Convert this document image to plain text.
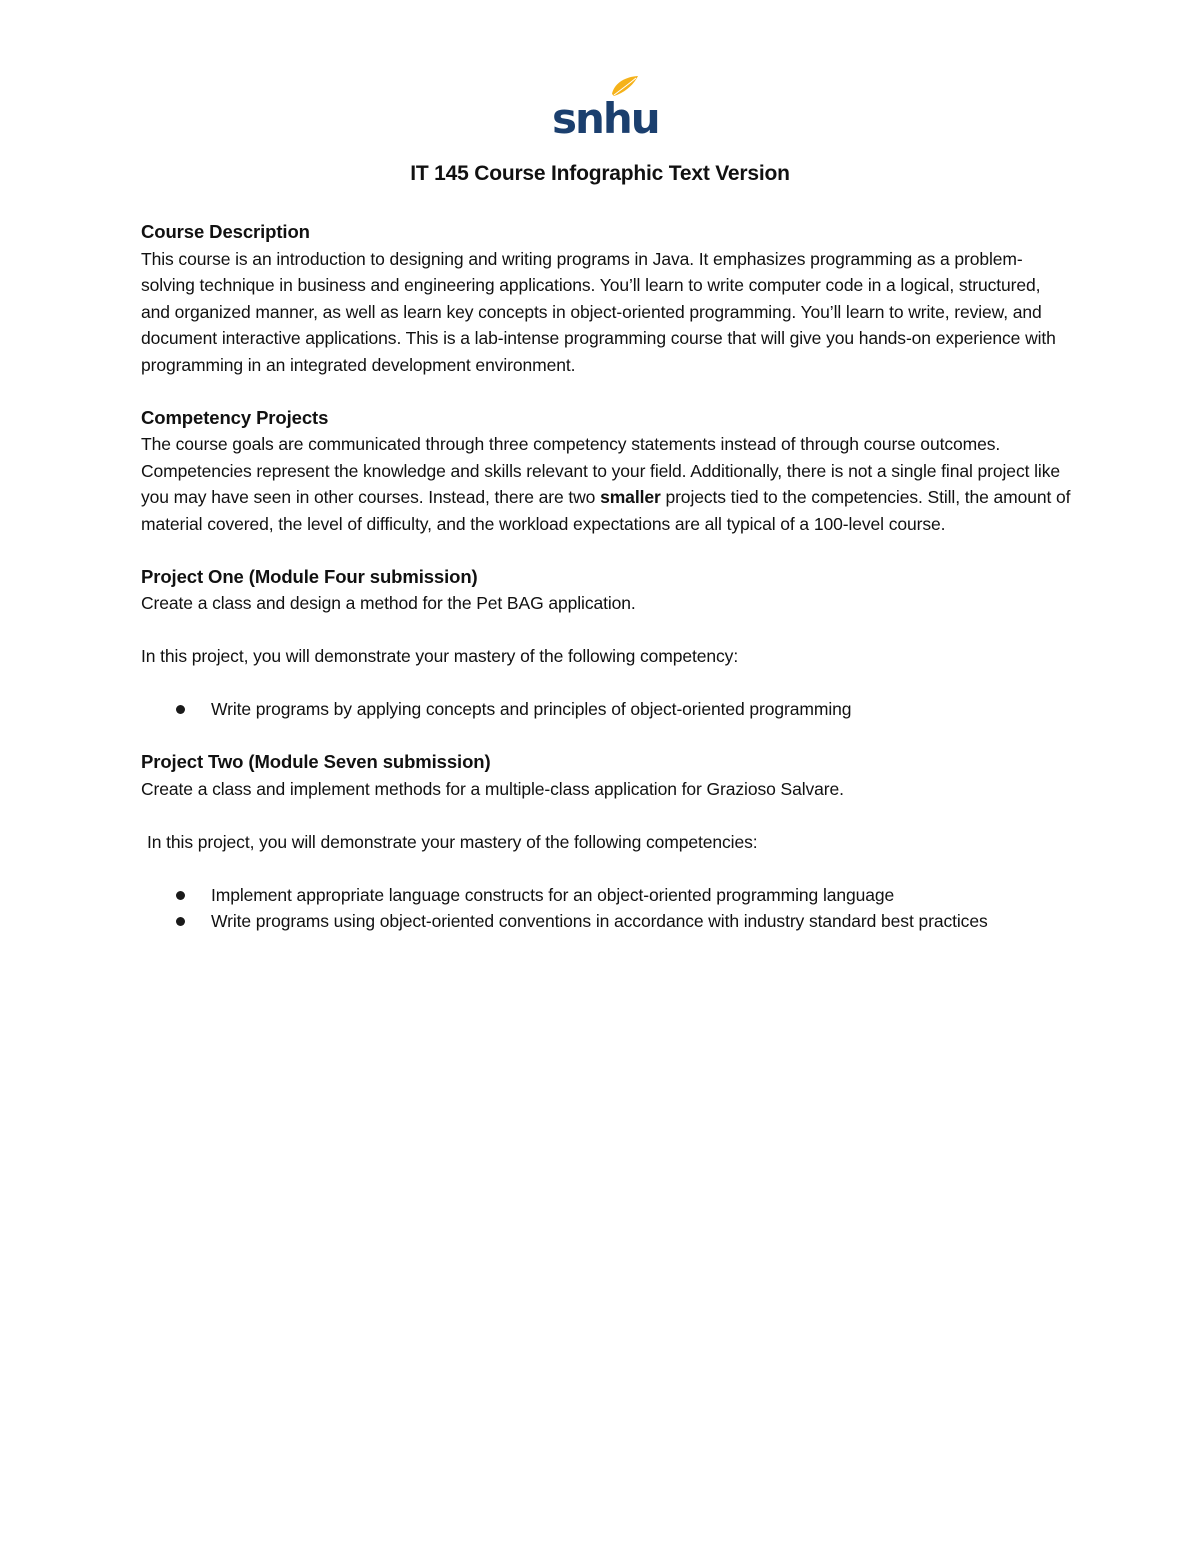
snhu
IT 145 Course Infographic Text Version
Course Description

This course is an introduction to designing and writing programs in Java. It emphasizes programming as a problem-solving technique in business and engineering applications. You’ll learn to write computer code in a logical, structured, and organized manner, as well as learn key concepts in object-oriented programming. You’ll learn to write, review, and document interactive applications. This is a lab-intense programming course that will give you hands-on experience with programming in an integrated development environment.

Competency Projects

The course goals are communicated through three competency statements instead of through course outcomes. Competencies represent the knowledge and skills relevant to your field. Additionally, there is not a single final project like you may have seen in other courses. Instead, there are two smaller projects tied to the competencies. Still, the amount of material covered, the level of difficulty, and the workload expectations are all typical of a 100-level course.

Project One (Module Four submission)

Create a class and design a method for the Pet BAG application.

In this project, you will demonstrate your mastery of the following competency:

Write programs by applying concepts and principles of object-oriented programming
Project Two (Module Seven submission)

Create a class and implement methods for a multiple-class application for Grazioso Salvare.

In this project, you will demonstrate your mastery of the following competencies:

Implement appropriate language constructs for an object-oriented programming language
Write programs using object-oriented conventions in accordance with industry standard best practices
